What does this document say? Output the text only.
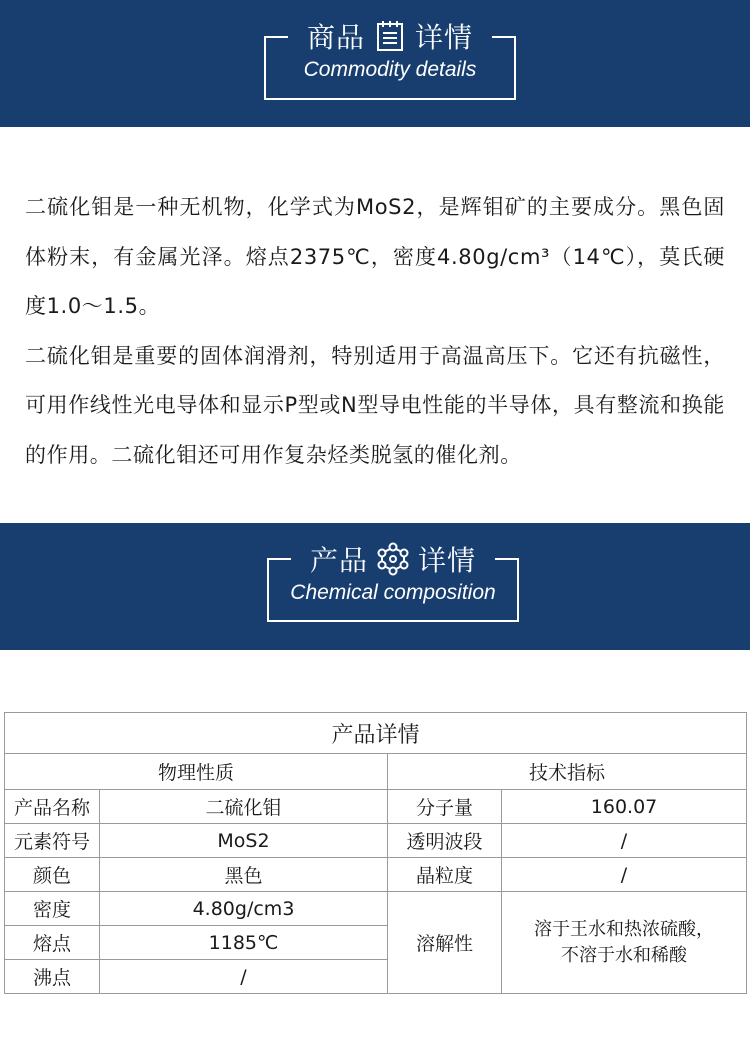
商品 详情
Commodity details

二硫化钼是一种无机物，化学式为MoS2，是辉钼矿的主要成分。黑色固体粉末，有金属光泽。熔点2375℃，密度4.80g/cm³（14℃），莫氏硬度1.0～1.5。

二硫化钼是重要的固体润滑剂，特别适用于高温高压下。它还有抗磁性，可用作线性光电导体和显示P型或N型导电性能的半导体，具有整流和换能的作用。二硫化钼还可用作复杂烃类脱氢的催化剂。

产品 详情
Chemical composition
产品详情			
物理性质		技术指标	
产品名称	二硫化钼	分子量	160.07
元素符号	MoS2	透明波段	/
颜色	黑色	晶粒度	/
密度	4.80g/cm3	溶解性	溶于王水和热浓硫酸，
不溶于水和稀酸

熔点	1185℃		
沸点	/		
